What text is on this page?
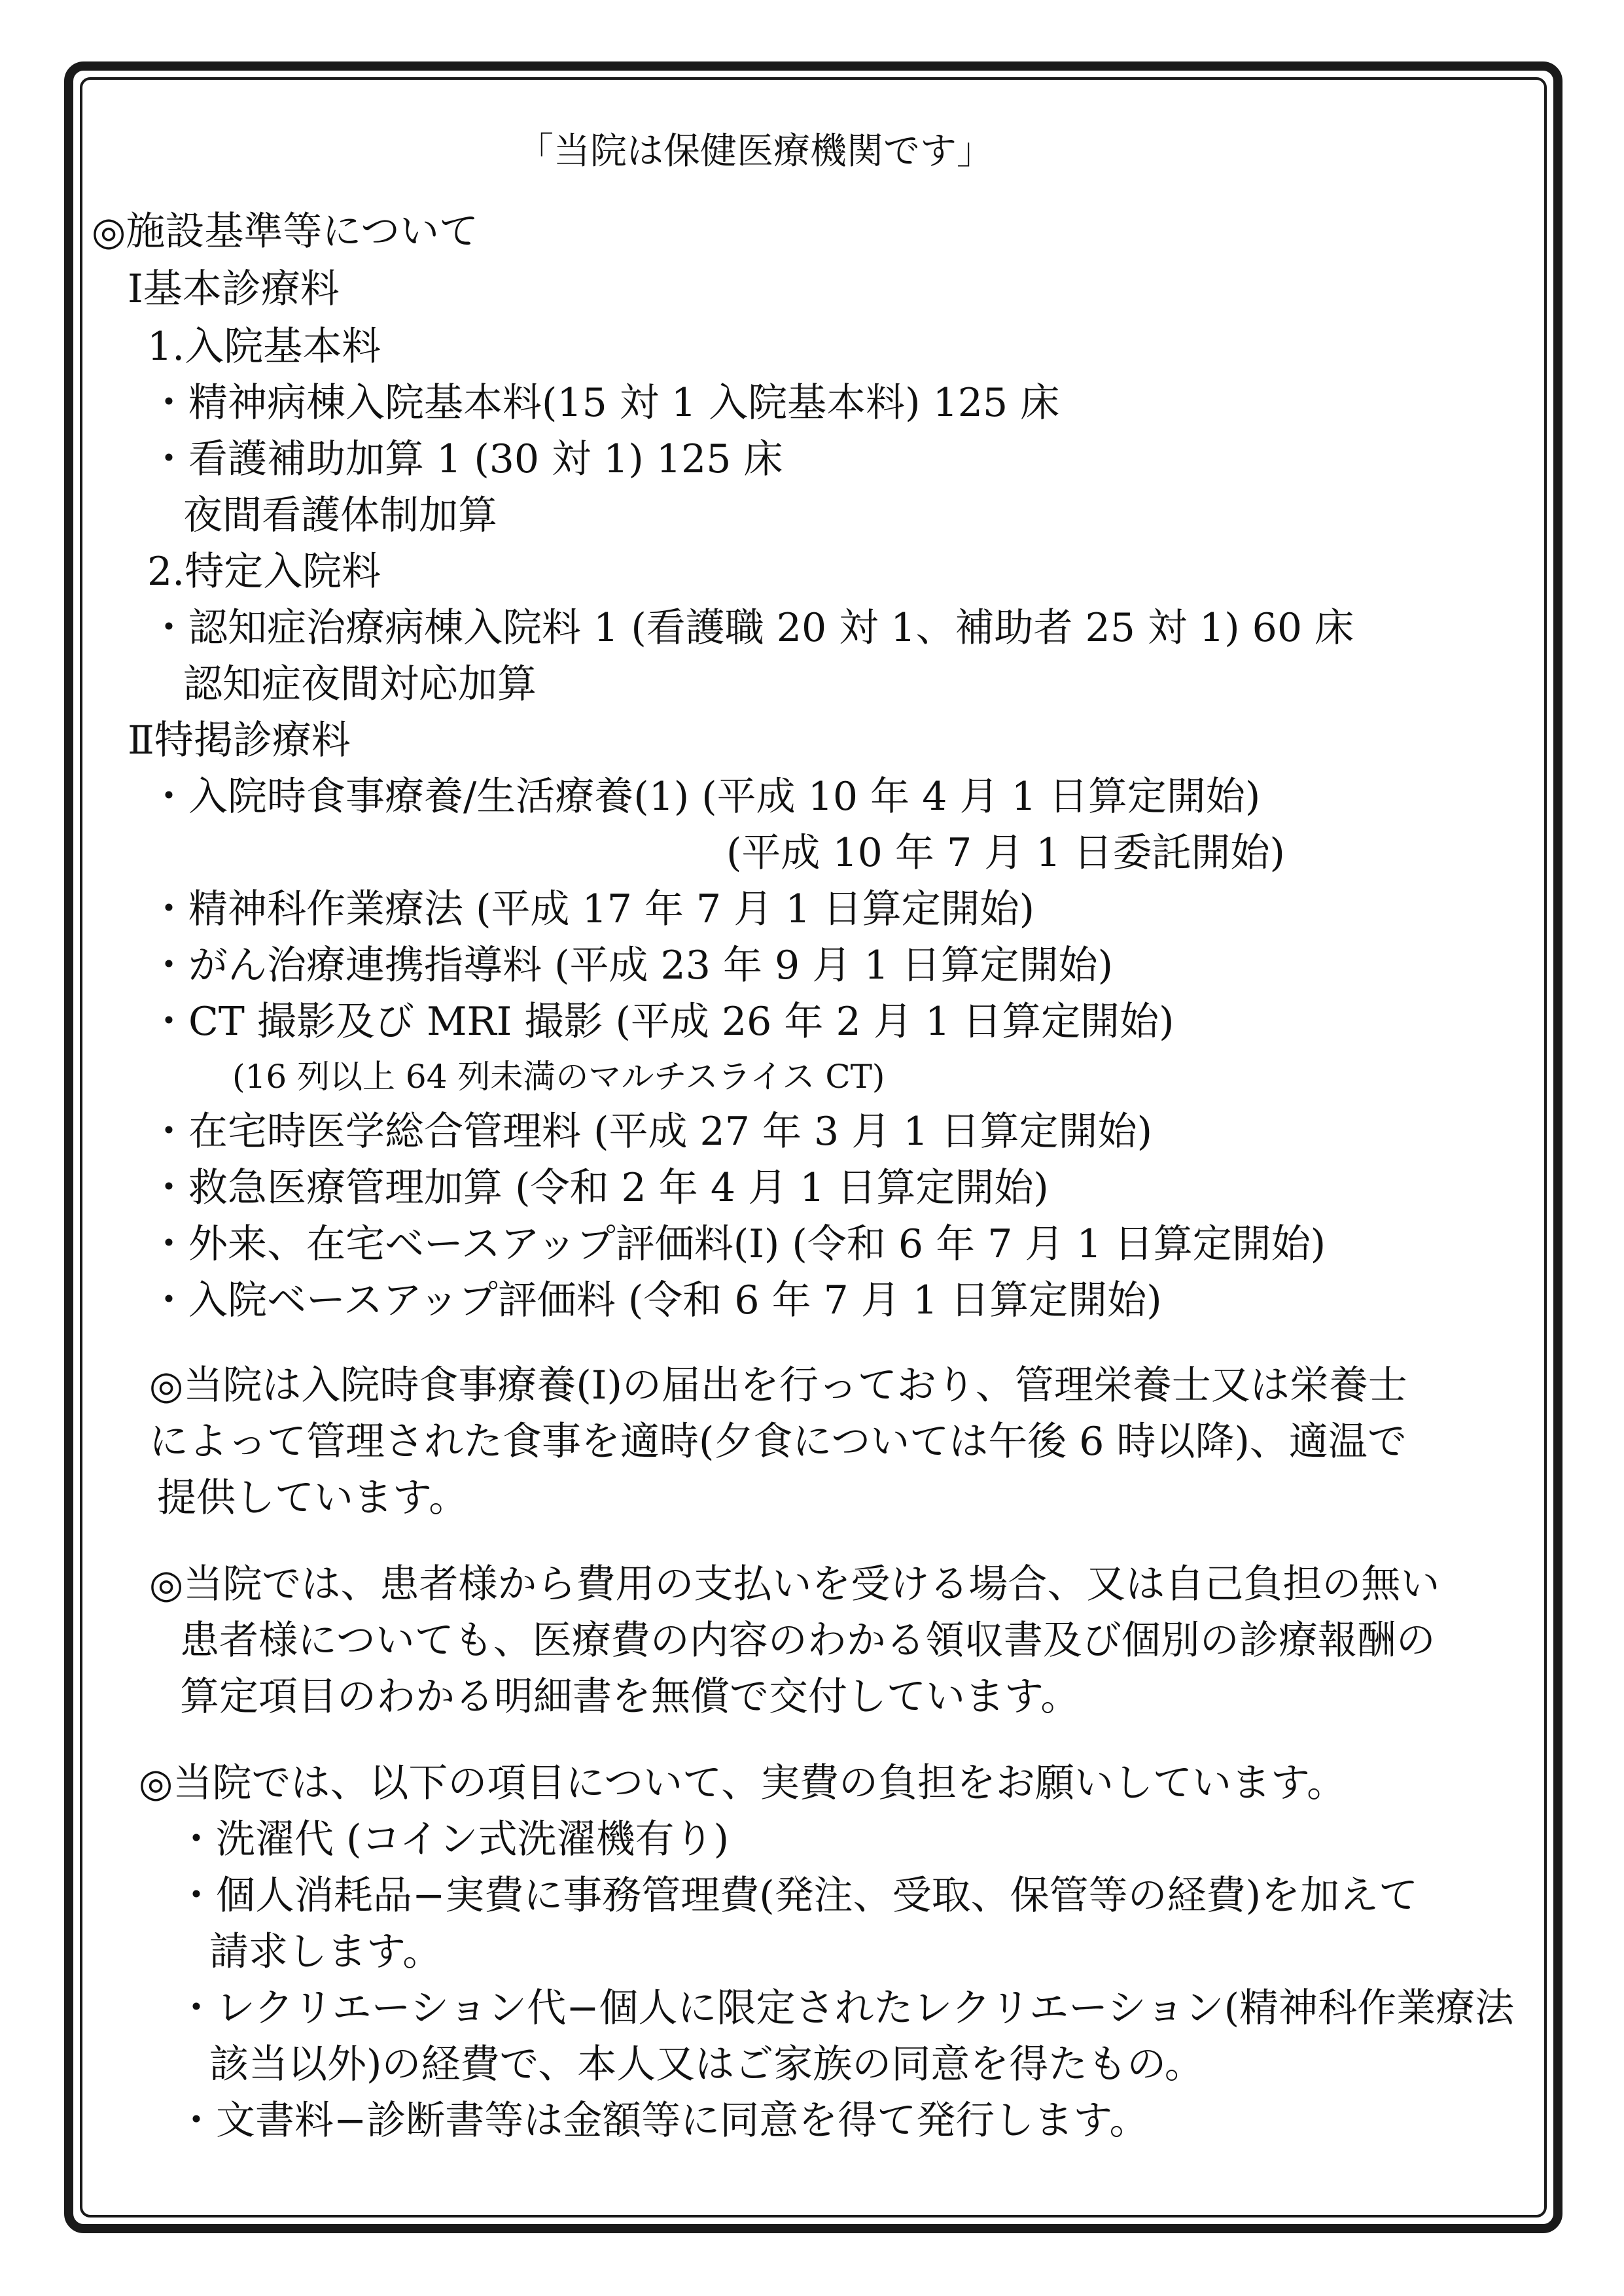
「当院は保健医療機関です」
◎施設基準等について
Ⅰ基本診療料
1.入院基本料
・精神病棟入院基本料(15 対 1 入院基本料) 125 床
・看護補助加算 1 (30 対 1) 125 床
夜間看護体制加算
2.特定入院料
・認知症治療病棟入院料 1 (看護職 20 対 1、補助者 25 対 1) 60 床
認知症夜間対応加算
Ⅱ特掲診療料
・入院時食事療養/生活療養(1) (平成 10 年 4 月 1 日算定開始)
(平成 10 年 7 月 1 日委託開始)
・精神科作業療法 (平成 17 年 7 月 1 日算定開始)
・がん治療連携指導料 (平成 23 年 9 月 1 日算定開始)
・CT 撮影及び MRI 撮影 (平成 26 年 2 月 1 日算定開始)
(16 列以上 64 列未満のマルチスライス CT)
・在宅時医学総合管理料 (平成 27 年 3 月 1 日算定開始)
・救急医療管理加算 (令和 2 年 4 月 1 日算定開始)
・外来、在宅ベースアップ評価料(Ⅰ) (令和 6 年 7 月 1 日算定開始)
・入院ベースアップ評価料 (令和 6 年 7 月 1 日算定開始)
◎当院は入院時食事療養(Ⅰ)の届出を行っており、管理栄養士又は栄養士
によって管理された食事を適時(夕食については午後 6 時以降)、適温で
提供しています。
◎当院では、患者様から費用の支払いを受ける場合、又は自己負担の無い
患者様についても、医療費の内容のわかる領収書及び個別の診療報酬の
算定項目のわかる明細書を無償で交付しています。
◎当院では、以下の項目について、実費の負担をお願いしています。
・洗濯代 (コイン式洗濯機有り)
・個人消耗品−実費に事務管理費(発注、受取、保管等の経費)を加えて
請求します。
・レクリエーション代−個人に限定されたレクリエーション(精神科作業療法
該当以外)の経費で、本人又はご家族の同意を得たもの。
・文書料−診断書等は金額等に同意を得て発行します。
